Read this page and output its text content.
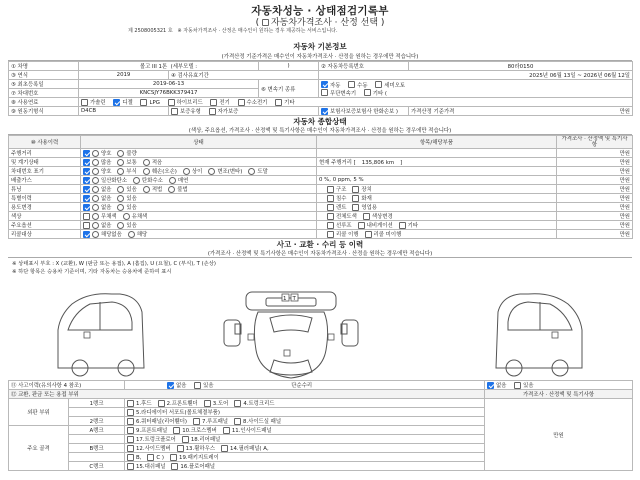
자동차성능 · 상태점검기록부
( 자동차가격조사 · 산정 선택 )
제 2508005321 호 ※ 자동차가격조사 · 산정은 매수인이 원하는 경우 제공하는 서비스입니다.
자동차 기본정보
(가격산정 기준가격은 매수인이 자동차가격조사 · 산정을 원하는 경우에만 적습니다)
① 차명	볼고 III 1톤 (세부모델 :		)	② 자동차등록번호	80라0150
③ 연식	2019	④ 검사유효기간		2025년 06월 13일 ~ 2026년 06월 12일	
⑤ 최초등록일	2019-06-13		⑥ 변속기 종류	자동 수동 세미오토
무단변속기 기타 (	
⑦ 차대번호	KNCSJY76BKK379417				
⑧ 사용연료	가솔린 디젤 LPG 하이브리드 전기 수소전기 기타				
⑨ 원동기형식	D4CB	보증유형 자가보증		보험사보증보험사 한화손보 )	가격산정 기준가격 만원
자동차 종합상태
(색상, 주요옵션, 가격조사 · 산정액 및 특기사항은 매수인이 자동차가격조사 · 산정을 원하는 경우에만 적습니다)
⑩ 사용이력	상태	항목/해당부품	가격조사 · 산정액 및 특기사항
주행거리	양호 불량		만원
및 계기상태	많음 보통 적음	현재 주행거리 [ 135,806 km ]	만원
차대번호 표기	양호 부식 훼손(오손) 상이 변조(변타) 도말		만원
배출가스	일산화탄소 탄화수소 매연	0 %, 0 ppm, 5 %	만원
튜닝	없음 있음 적법 불법	구조 장치	만원
특별이력	없음 있음	침수 화재	만원
용도변경	없음 있음	렌트 영업용	만원
색상	무채색 유채색	전체도색 색상변경	만원
주요옵션	없음 있음	선루프 내비게이션 기타	만원
리콜대상	해당없음 해당	리콜 이행 리콜 미이행	만원
사고 · 교환 · 수리 등 이력
(가격조사 · 산정액 및 특기사항은 매수인이 자동차가격조사 · 산정을 원하는 경우에만 적습니다)
※ 상태표시 부호 : X (교환), W (판금 또는 용접), A (흠집), U (요철), C (부식), T (손상)
※ 하단 항목은 승용차 기준이며, 기타 자동차는 승용차에 준하여 표시
1 T
⑪ 사고이력(유의사항 4 참조)		없음 있음 단순수리	없음 있음
⑫ 교환, 판금 또는 용접 부위			가격조사 · 산정액 및 특기사항
외판 부위	1랭크	1.후드 2.프론트휀더 3.도어 4.트렁크리드	만원
		5.라디에이터 서포트(볼트체결부품)	
	2랭크	6.쿼터패널(리어휀더) 7.루프패널 8.사이드실 패널	
주요 골격	A랭크	9.프론트패널 10.크로스멤버 11.인사이드패널	
		17.트렁크플로어 18.리어패널	
	B랭크	12.사이드멤버 13.휠하우스 14.필러패널( A,	
		B, C ) 19.패키지트레이	
	C랭크	15.대쉬패널 16.플로어패널	
